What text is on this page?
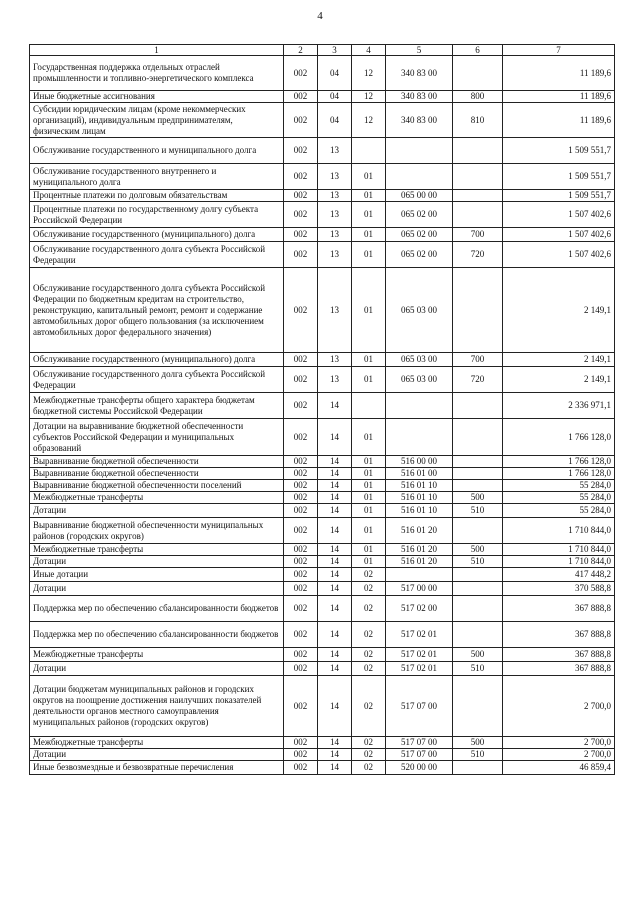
4
1	2	3	4	5	6	7
Государственная поддержка отдельных отраслей промышленности и топливно-энергетического комплекса	002	04	12	340 83 00		11 189,6
Иные бюджетные ассигнования	002	04	12	340 83 00	800	11 189,6
Субсидии юридическим лицам (кроме некоммерческих организаций), индивидуальным предпринимателям, физическим лицам	002	04	12	340 83 00	810	11 189,6
Обслуживание государственного и муниципального долга	002	13				1 509 551,7
Обслуживание государственного внутреннего и муниципального долга	002	13	01			1 509 551,7
Процентные платежи по долговым обязательствам	002	13	01	065 00 00		1 509 551,7
Процентные платежи по государственному долгу субъекта Российской Федерации	002	13	01	065 02 00		1 507 402,6
Обслуживание государственного (муниципального) долга	002	13	01	065 02 00	700	1 507 402,6
Обслуживание государственного долга субъекта Российской Федерации	002	13	01	065 02 00	720	1 507 402,6
Обслуживание государственного долга субъекта Российской Федерации по бюджетным кредитам на строительство, реконструкцию, капитальный ремонт, ремонт и содержание автомобильных дорог общего пользования (за исключением автомобильных дорог федерального значения)	002	13	01	065 03 00		2 149,1
Обслуживание государственного (муниципального) долга	002	13	01	065 03 00	700	2 149,1
Обслуживание государственного долга субъекта Российской Федерации	002	13	01	065 03 00	720	2 149,1
Межбюджетные трансферты общего характера бюджетам бюджетной системы Российской Федерации	002	14				2 336 971,1
Дотации на выравнивание бюджетной обеспеченности субъектов Российской Федерации и муниципальных образований	002	14	01			1 766 128,0
Выравнивание бюджетной обеспеченности	002	14	01	516 00 00		1 766 128,0
Выравнивание бюджетной обеспеченности	002	14	01	516 01 00		1 766 128,0
Выравнивание бюджетной обеспеченности поселений	002	14	01	516 01 10		55 284,0
Межбюджетные трансферты	002	14	01	516 01 10	500	55 284,0
Дотации	002	14	01	516 01 10	510	55 284,0
Выравнивание бюджетной обеспеченности муниципальных районов (городских округов)	002	14	01	516 01 20		1 710 844,0
Межбюджетные трансферты	002	14	01	516 01 20	500	1 710 844,0
Дотации	002	14	01	516 01 20	510	1 710 844,0
Иные дотации	002	14	02			417 448,2
Дотации	002	14	02	517 00 00		370 588,8
Поддержка мер по обеспечению сбалансированности бюджетов	002	14	02	517 02 00		367 888,8
Поддержка мер по обеспечению сбалансированности бюджетов	002	14	02	517 02 01		367 888,8
Межбюджетные трансферты	002	14	02	517 02 01	500	367 888,8
Дотации	002	14	02	517 02 01	510	367 888,8
Дотации бюджетам муниципальных районов и городских округов на поощрение достижения наилучших показателей деятельности органов местного самоуправления муниципальных районов (городских округов)	002	14	02	517 07 00		2 700,0
Межбюджетные трансферты	002	14	02	517 07 00	500	2 700,0
Дотации	002	14	02	517 07 00	510	2 700,0
Иные безвозмездные и безвозвратные перечисления	002	14	02	520 00 00		46 859,4
